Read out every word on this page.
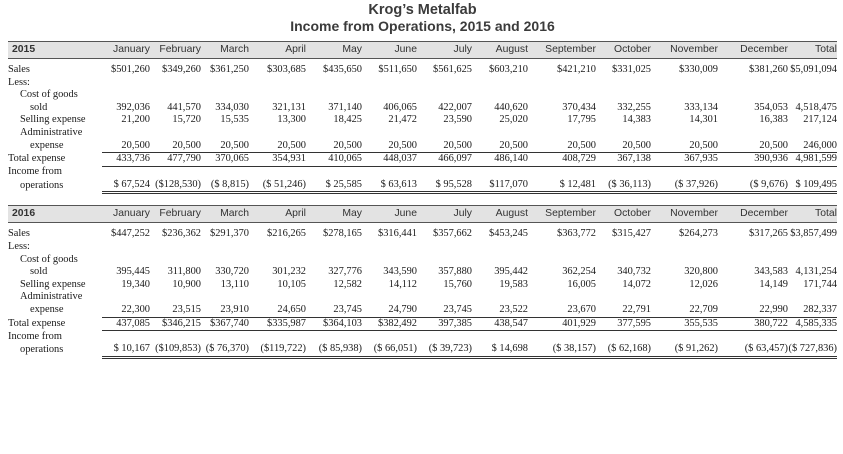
Krog’s Metalfab
Income from Operations, 2015 and 2016
2015	January	February	March	April	May	June	July	August	September	October	November	December	Total

Sales	$501,260	$349,260	$361,250	$303,685	$435,650	$511,650	$561,625	$603,210	$421,210	$331,025	$330,009	$381,260	$5,091,094
Less:													
Cost of goods													
sold	392,036	441,570	334,030	321,131	371,140	406,065	422,007	440,620	370,434	332,255	333,134	354,053	4,518,475
Selling expense	21,200	15,720	15,535	13,300	18,425	21,472	23,590	25,020	17,795	14,383	14,301	16,383	217,124
Administrative													
expense	20,500	20,500	20,500	20,500	20,500	20,500	20,500	20,500	20,500	20,500	20,500	20,500	246,000
Total expense	433,736	477,790	370,065	354,931	410,065	448,037	466,097	486,140	408,729	367,138	367,935	390,936	4,981,599
Income from													
operations	$ 67,524	($128,530)	($ 8,815)	($ 51,246)	$ 25,585	$ 63,613	$ 95,528	$117,070	$ 12,481	($ 36,113)	($ 37,926)	($ 9,676)	$ 109,495
2016	January	February	March	April	May	June	July	August	September	October	November	December	Total

Sales	$447,252	$236,362	$291,370	$216,265	$278,165	$316,441	$357,662	$453,245	$363,772	$315,427	$264,273	$317,265	$3,857,499
Less:													
Cost of goods													
sold	395,445	311,800	330,720	301,232	327,776	343,590	357,880	395,442	362,254	340,732	320,800	343,583	4,131,254
Selling expense	19,340	10,900	13,110	10,105	12,582	14,112	15,760	19,583	16,005	14,072	12,026	14,149	171,744
Administrative													
expense	22,300	23,515	23,910	24,650	23,745	24,790	23,745	23,522	23,670	22,791	22,709	22,990	282,337
Total expense	437,085	$346,215	$367,740	$335,987	$364,103	$382,492	397,385	438,547	401,929	377,595	355,535	380,722	4,585,335
Income from													
operations	$ 10,167	($109,853)	($ 76,370)	($119,722)	($ 85,938)	($ 66,051)	($ 39,723)	$ 14,698	($ 38,157)	($ 62,168)	($ 91,262)	($ 63,457)	($ 727,836)
